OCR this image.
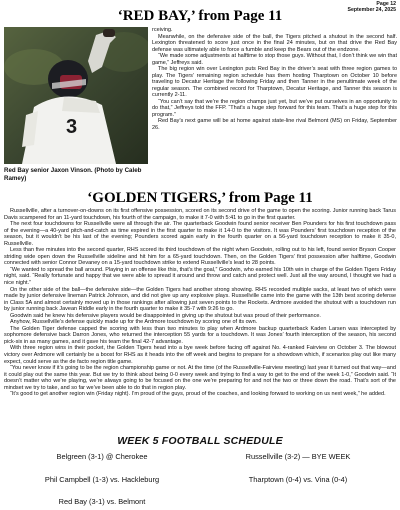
Page 12
September 24, 2025
‘RED BAY,’ from Page 11
3
Red Bay senior Jaxon Vinson. (Photo by Caleb Ramey)

rceiving.

Meanwhile, on the defensive side of the ball, the Tigers pitched a shutout in the second half. Lexington threatened to score just once in the final 24 minutes, but on that drive the Red Bay defense was ultimately able to force a fumble and keep the Bears out of the endzone.

“We made some adjustments at halftime to stop those guys. Without that, I don’t think we win that game,” Jeffreys said.

The big region win over Lexington puts Red Bay in the driver’s seat with three region games to play. The Tigers’ remaining region schedule has them hosting Tharptown on October 10 before traveling to Decatur Heritage the following Friday and then Tanner in the penultimate week of the regular season. The combined record for Tharptown, Decatur Heritage, and Tanner this season is currently 2-11.

“You can’t say that we’re the region champs just yet, but we’ve put ourselves in an opportunity to do that,” Jeffreys told the FFP. “That’s a huge step forward for this team. That’s a huge step for this program.”

Red Bay’s next game will be at home against state-line rival Belmont (MS) on Friday, September 26.

‘GOLDEN TIGERS,’ from Page 11

Russellville, after a turnover-on-downs on its first offensive possession, scored on its second drive of the game to open the scoring. Junior running back Tarus Davis scampered for an 11-yard touchdown, his fourth of the campaign, to make it 7-0 with 5:41 to go in the first quarter.

The next four touchdowns for Russellville were all through the air. The quarterback Goodwin found senior receiver Ben Pounders for his first touchdown pass of the evening—a 40-yard pitch-and-catch as time expired in the first quarter to make it 14-0 to the visitors. It was Pounders’ first touchdown reception of the season, but it wouldn’t be his last of the evening; Pounders scored again early in the fourth quarter on a 56-yard touchdown reception to make it 35-0, Russellville.

Less than five minutes into the second quarter, RHS scored its third touchdown of the night when Goodwin, rolling out to his left, found senior Bryson Cooper striding wide open down the Russellville sideline and hit him for a 65-yard touchdown. Then, on the Golden Tigers’ first possession after halftime, Goodwin connected with senior Connor Devaney on a 15-yard touchdown strike to extend Russellville’s lead to 28 points.

“We wanted to spread the ball around. Playing in an offense like this, that’s the goal,” Goodwin, who earned his 10th win in charge of the Golden Tigers Friday night, said. “Really fortunate and happy that we were able to spread it around and throw and catch and protect well. Just all the way around, I thought we had a nice night.”

On the other side of the ball—the defensive side—the Golden Tigers had another strong showing. RHS recorded multiple sacks, at least two of which were made by junior defensive lineman Patrick Johnson, and did not give up any explosive plays. Russellville came into the game with the 13th best scoring defense in Class 5A and almost certainly moved up in those rankings after allowing just seven points to the Rockets. Ardmore avoided the shutout with a touchdown run by junior running back Javean Riddle early in the fourth quarter to make it 35-7 with 9:26 to go.

Goodwin said he knew his defensive players would be disappointed in giving up the shutout but was proud of their performance.

Anyhow, Russellville’s defense quickly made up for the Ardmore touchdown by scoring one of its own.

The Golden Tiger defense capped the scoring with less than two minutes to play when Ardmore backup quarterback Kaden Larsen was intercepted by sophomore defensive back Darron Jones, who returned the interception 55 yards for a touchdown. It was Jones’ fourth interception of the season, his second pick-six in as many games, and it gave his team the final 42-7 advantage.

With three region wins in their pocket, the Golden Tigers head into a bye week before facing off against No. 4-ranked Fairview on October 3. The blowout victory over Ardmore will certainly be a boost for RHS as it heads into the off week and begins to prepare for a showdown which, if scenarios play out like many expect, could serve as the de facto region title game.

“You never know if it’s going to be the region championship game or not. At the time (of the Russellville-Fairview meeting) last year it turned out that way—and it could play out the same this year. But we try to think about being 0-0 every week and trying to find a way to get to the end of the week 1-0,” Goodwin said. “It doesn’t matter who we’re playing, we’re always going to be focused on the one we’re preparing for and not the two or three down the road. That’s sort of the mindset we try to take, and so far we’ve been able to do that in region play.

“It’s good to get another region win (Friday night). I’m proud of the guys, proud of the coaches, and looking forward to working on us next week,” he added.

WEEK 5 FOOTBALL SCHEDULE
Belgreen (3-1) @ Cherokee	Russellville (3-2) — BYE WEEK
Phil Campbell (1-3) vs. Hackleburg	Tharptown (0-4) vs. Vina (0-4)
Red Bay (3-1) vs. Belmont
